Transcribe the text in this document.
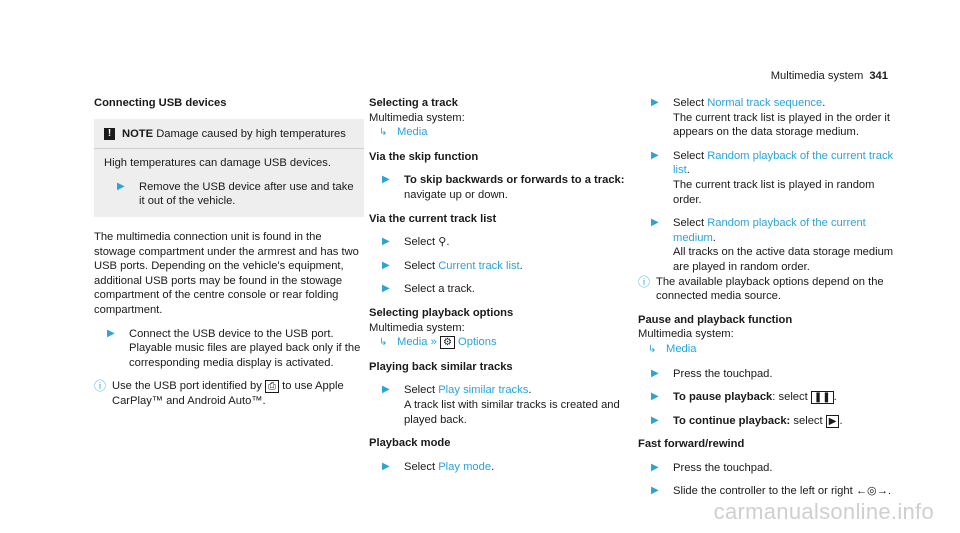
Multimedia system 341

Connecting USB devices

! NOTE Damage caused by high temperatures

High temperatures can damage USB devices.

▶ Remove the USB device after use and take it out of the vehicle.

The multimedia connection unit is found in the stowage compartment under the armrest and has two USB ports. Depending on the vehicle's equipment, additional USB ports may be found in the stowage compartment of the centre console or rear folding compartment.

▶ Connect the USB device to the USB port.
Playable music files are played back only if the corresponding media display is activated.

ⓘ Use the USB port identified by ⎙ to use Apple CarPlay™ and Android Auto™.

Selecting a track

Multimedia system:

↳ Media

Via the skip function

▶ To skip backwards or forwards to a track:
navigate up or down.

Via the current track list

▶ Select ⚲.

▶ Select Current track list.

▶ Select a track.

Selecting playback options

Multimedia system:

↳ Media » ⚙ Options

Playing back similar tracks

▶ Select Play similar tracks.
A track list with similar tracks is created and played back.

Playback mode

▶ Select Play mode.

▶ Select Normal track sequence.
The current track list is played in the order it appears on the data storage medium.

▶ Select Random playback of the current track list.
The current track list is played in random order.

▶ Select Random playback of the current medium.
All tracks on the active data storage medium are played in random order.

ⓘ The available playback options depend on the connected media source.

Pause and playback function

Multimedia system:

↳ Media

▶ Press the touchpad.

▶ To pause playback: select ❚❚ .

▶ To continue playback: select ▶ .

Fast forward/rewind

▶ Press the touchpad.

▶ Slide the controller to the left or right ←◎→.

carmanualsonline.info
